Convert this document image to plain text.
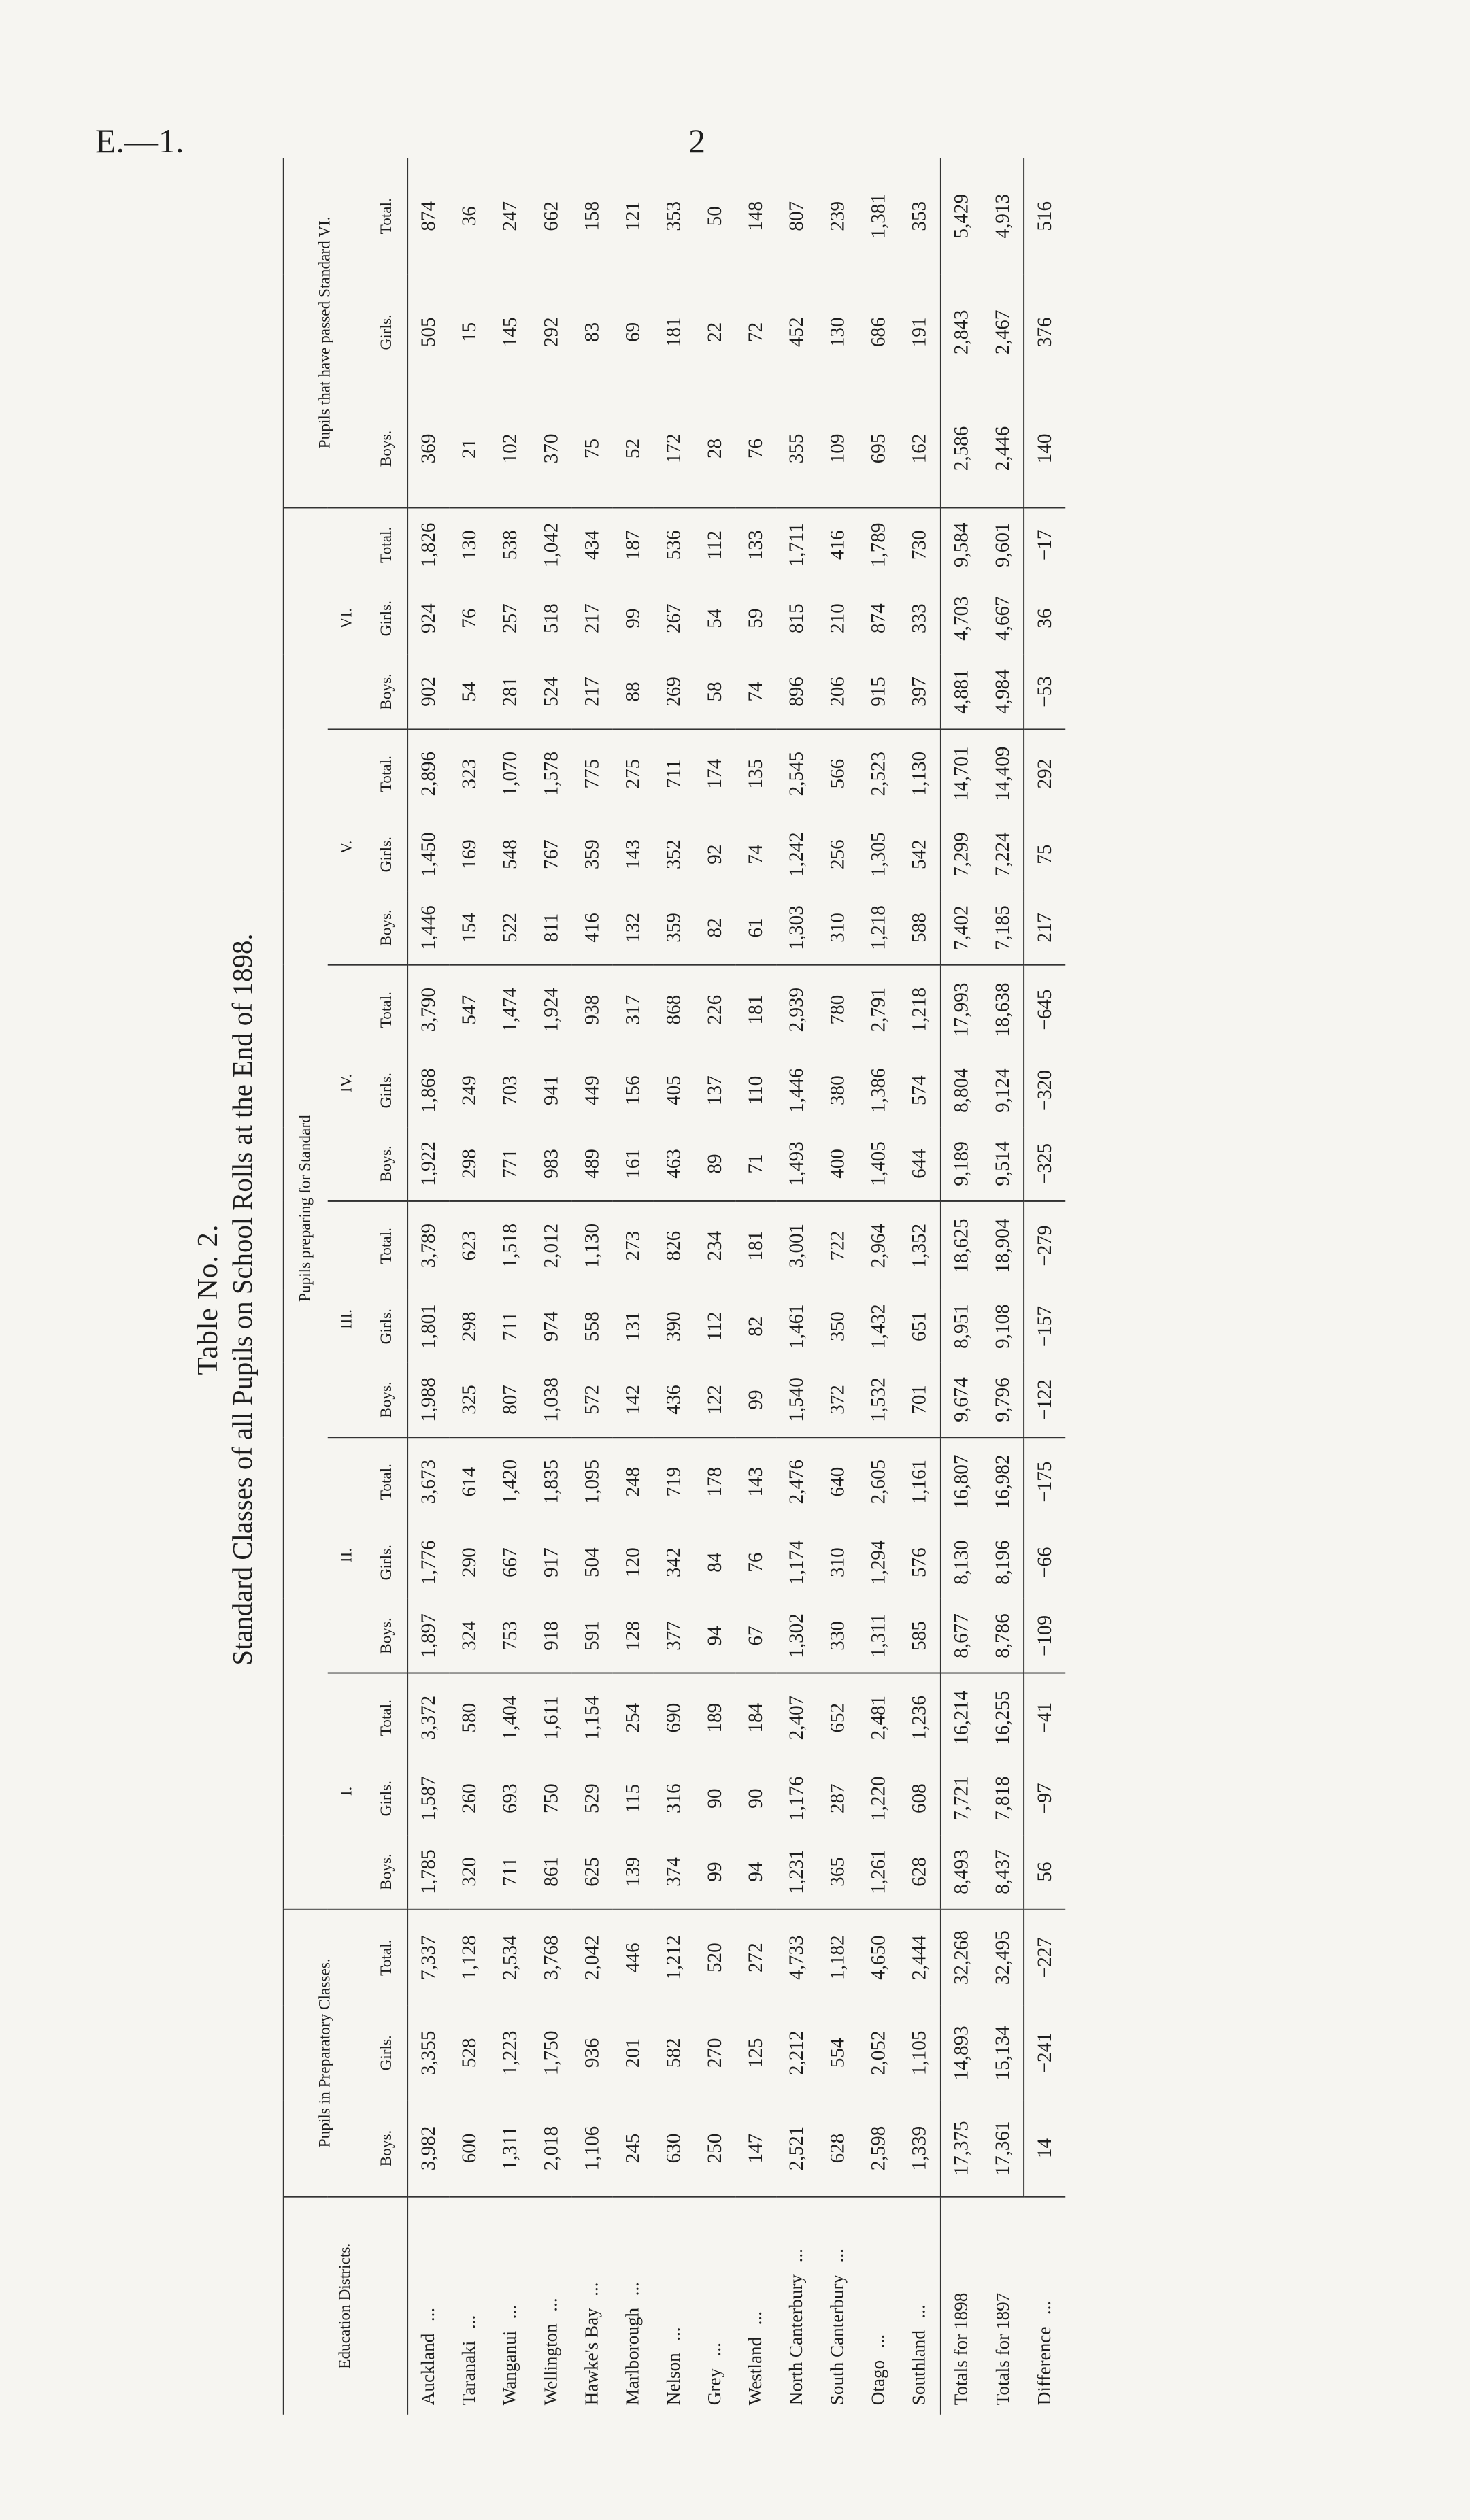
E.—1.	2
Table No. 2. Standard Classes of all Pupils on School Rolls at the End of 1898.
Education Districts.	Pupils in Preparatory Classes.			Pupils preparing for Standard																		Pupils that have passed Standard VI.		
				I.			II.			III.			IV.			V.			VI.					
	Boys.	Girls.	Total.	Boys.	Girls.	Total.	Boys.	Girls.	Total.	Boys.	Girls.	Total.	Boys.	Girls.	Total.	Boys.	Girls.	Total.	Boys.	Girls.	Total.	Boys.	Girls.	Total.
Auckland...	3,982	3,355	7,337	1,785	1,587	3,372	1,897	1,776	3,673	1,988	1,801	3,789	1,922	1,868	3,790	1,446	1,450	2,896	902	924	1,826	369	505	874
Taranaki...	600	528	1,128	320	260	580	324	290	614	325	298	623	298	249	547	154	169	323	54	76	130	21	15	36
Wanganui...	1,311	1,223	2,534	711	693	1,404	753	667	1,420	807	711	1,518	771	703	1,474	522	548	1,070	281	257	538	102	145	247
Wellington...	2,018	1,750	3,768	861	750	1,611	918	917	1,835	1,038	974	2,012	983	941	1,924	811	767	1,578	524	518	1,042	370	292	662
Hawke's Bay...	1,106	936	2,042	625	529	1,154	591	504	1,095	572	558	1,130	489	449	938	416	359	775	217	217	434	75	83	158
Marlborough...	245	201	446	139	115	254	128	120	248	142	131	273	161	156	317	132	143	275	88	99	187	52	69	121
Nelson...	630	582	1,212	374	316	690	377	342	719	436	390	826	463	405	868	359	352	711	269	267	536	172	181	353
Grey...	250	270	520	99	90	189	94	84	178	122	112	234	89	137	226	82	92	174	58	54	112	28	22	50
Westland...	147	125	272	94	90	184	67	76	143	99	82	181	71	110	181	61	74	135	74	59	133	76	72	148
North Canterbury...	2,521	2,212	4,733	1,231	1,176	2,407	1,302	1,174	2,476	1,540	1,461	3,001	1,493	1,446	2,939	1,303	1,242	2,545	896	815	1,711	355	452	807
South Canterbury...	628	554	1,182	365	287	652	330	310	640	372	350	722	400	380	780	310	256	566	206	210	416	109	130	239
Otago...	2,598	2,052	4,650	1,261	1,220	2,481	1,311	1,294	2,605	1,532	1,432	2,964	1,405	1,386	2,791	1,218	1,305	2,523	915	874	1,789	695	686	1,381
Southland...	1,339	1,105	2,444	628	608	1,236	585	576	1,161	701	651	1,352	644	574	1,218	588	542	1,130	397	333	730	162	191	353
Totals for 1898	17,375	14,893	32,268	8,493	7,721	16,214	8,677	8,130	16,807	9,674	8,951	18,625	9,189	8,804	17,993	7,402	7,299	14,701	4,881	4,703	9,584	2,586	2,843	5,429
Totals for 1897	17,361	15,134	32,495	8,437	7,818	16,255	8,786	8,196	16,982	9,796	9,108	18,904	9,514	9,124	18,638	7,185	7,224	14,409	4,984	4,667	9,601	2,446	2,467	4,913
Difference...	14	−241	−227	56	−97	−41	−109	−66	−175	−122	−157	−279	−325	−320	−645	217	75	292	−53	36	−17	140	376	516
